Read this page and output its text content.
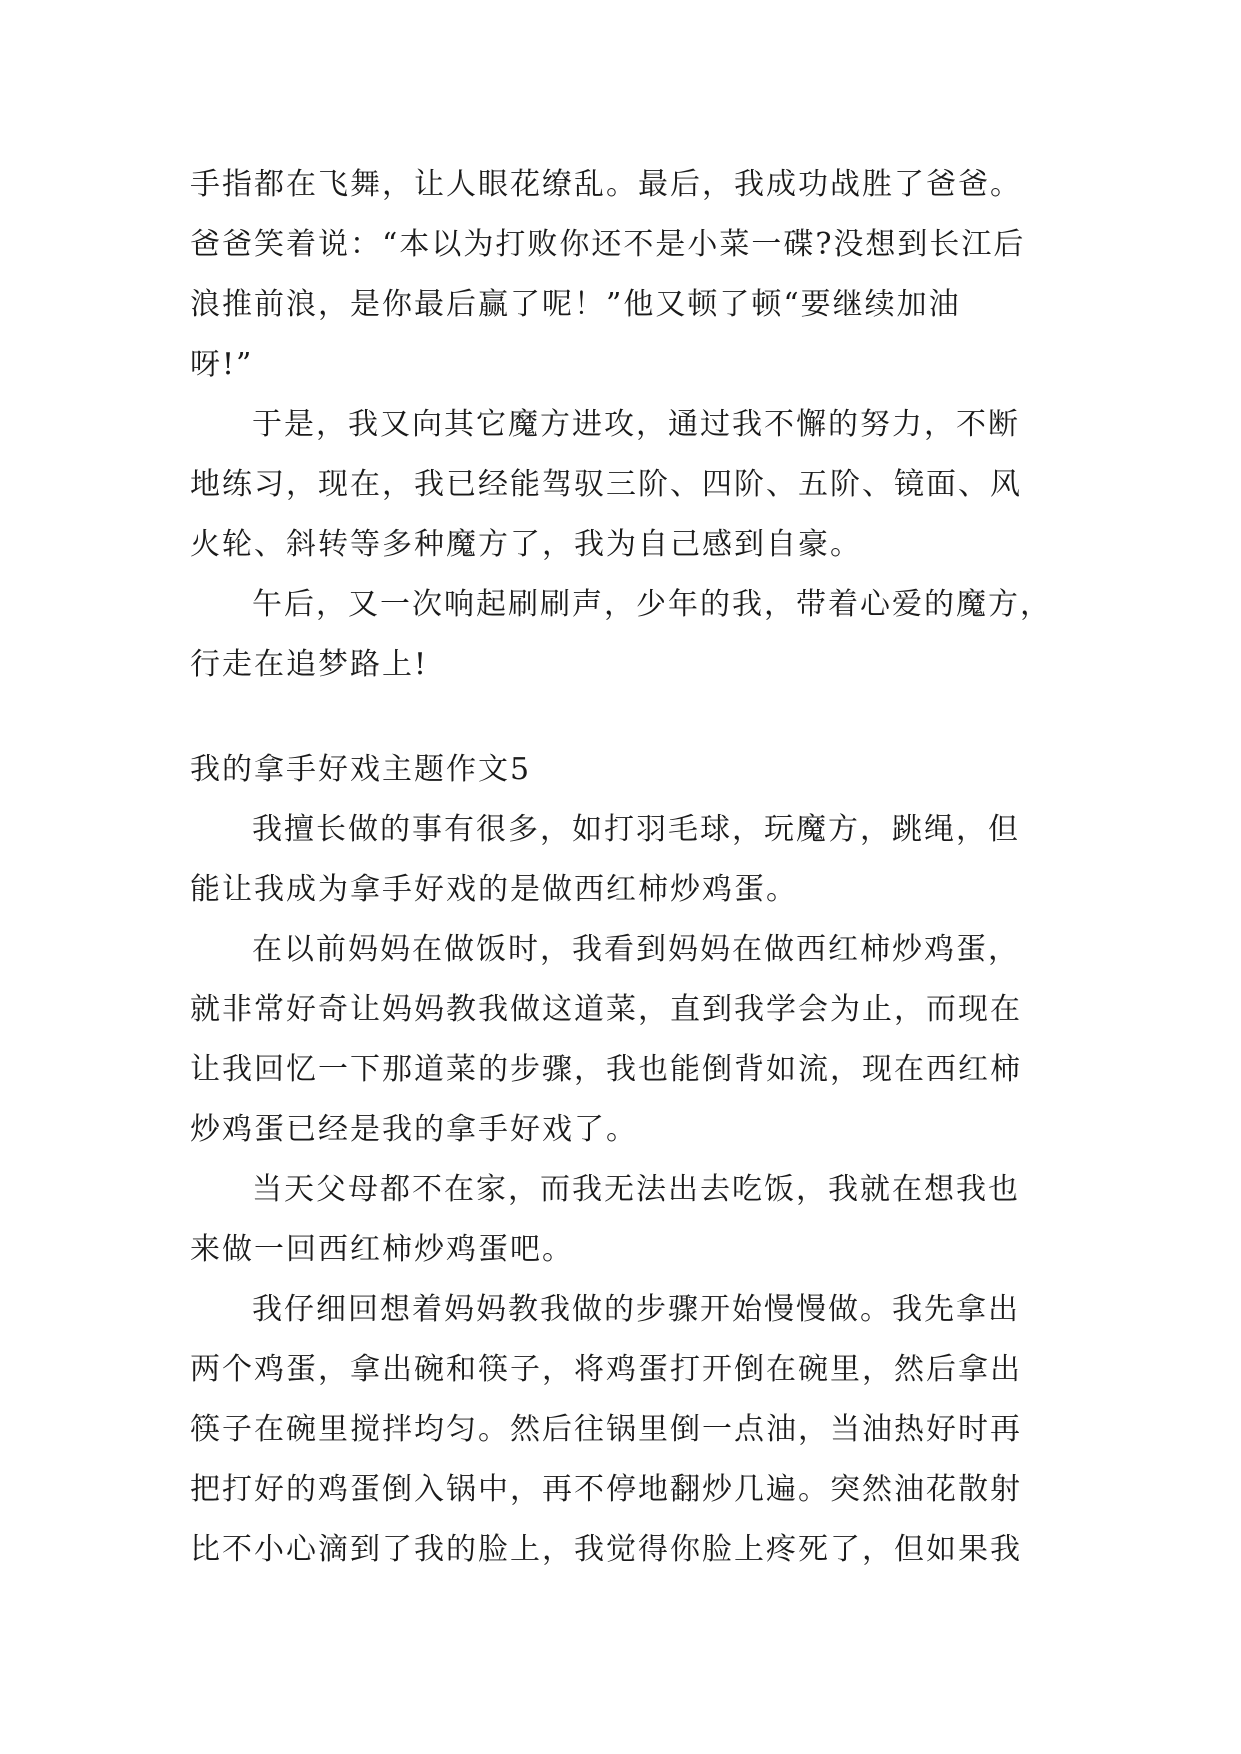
手指都在飞舞，让人眼花缭乱。最后，我成功战胜了爸爸。
爸爸笑着说：“本以为打败你还不是小菜一碟?没想到长江后
浪推前浪，是你最后赢了呢！”他又顿了顿“要继续加油
呀!”
于是，我又向其它魔方进攻，通过我不懈的努力，不断
地练习，现在，我已经能驾驭三阶、四阶、五阶、镜面、风
火轮、斜转等多种魔方了，我为自己感到自豪。
午后，又一次响起刷刷声，少年的我，带着心爱的魔方，
行走在追梦路上!
我的拿手好戏主题作文5
我擅长做的事有很多，如打羽毛球，玩魔方，跳绳，但
能让我成为拿手好戏的是做西红柿炒鸡蛋。
在以前妈妈在做饭时，我看到妈妈在做西红柿炒鸡蛋，
就非常好奇让妈妈教我做这道菜，直到我学会为止，而现在
让我回忆一下那道菜的步骤，我也能倒背如流，现在西红柿
炒鸡蛋已经是我的拿手好戏了。
当天父母都不在家，而我无法出去吃饭，我就在想我也
来做一回西红柿炒鸡蛋吧。
我仔细回想着妈妈教我做的步骤开始慢慢做。我先拿出
两个鸡蛋，拿出碗和筷子，将鸡蛋打开倒在碗里，然后拿出
筷子在碗里搅拌均匀。然后往锅里倒一点油，当油热好时再
把打好的鸡蛋倒入锅中，再不停地翻炒几遍。突然油花散射
比不小心滴到了我的脸上，我觉得你脸上疼死了，但如果我
